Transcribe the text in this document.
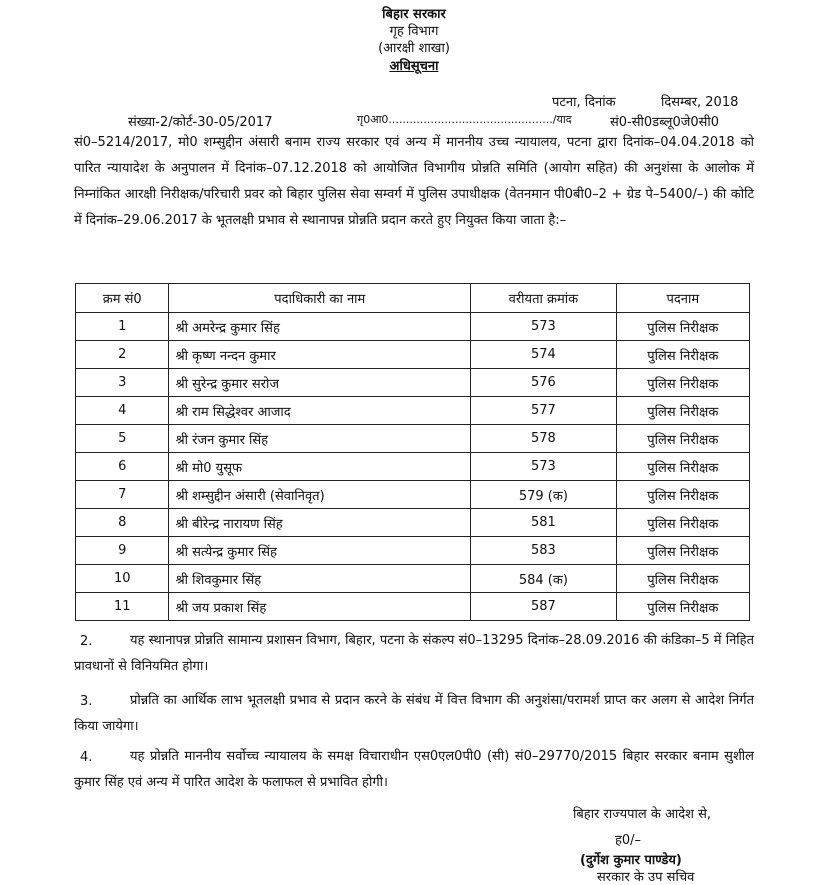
बिहार सरकार
गृह विभाग
(आरक्षी शाखा)
अधिसूचना
पटना, दिनांक	दिसम्बर, 2018
संख्या-2/कोर्ट-30-05/2017	गृ0आ0.............................................../याद	सं0-सी0डब्लू0जे0सी0
सं0–5214/2017, मो0 शम्सुद्दीन अंसारी बनाम राज्य सरकार एवं अन्य में माननीय उच्च न्यायालय, पटना द्वारा दिनांक–04.04.2018 को पारित न्यायादेश के अनुपालन में दिनांक–07.12.2018 को आयोजित विभागीय प्रोन्नति समिति (आयोग सहित) की अनुशंसा के आलोक में निम्नांकित आरक्षी निरीक्षक/परिचारी प्रवर को बिहार पुलिस सेवा सम्वर्ग में पुलिस उपाधीक्षक (वेतनमान पी0बी0–2 + ग्रेड पे–5400/–) की कोटि में दिनांक–29.06.2017 के भूतलक्षी प्रभाव से स्थानापन्न प्रोन्नति प्रदान करते हुए नियुक्त किया जाता है:–
क्रम सं0	पदाधिकारी का नाम	वरीयता क्रमांक	पदनाम
1	श्री अमरेन्द्र कुमार सिंह	573	पुलिस निरीक्षक
2	श्री कृष्ण नन्दन कुमार	574	पुलिस निरीक्षक
3	श्री सुरेन्द्र कुमार सरोज	576	पुलिस निरीक्षक
4	श्री राम सिद्धेश्वर आजाद	577	पुलिस निरीक्षक
5	श्री रंजन कुमार सिंह	578	पुलिस निरीक्षक
6	श्री मो0 युसूफ	573	पुलिस निरीक्षक
7	श्री शम्सुद्दीन अंसारी (सेवानिवृत)	579 (क)	पुलिस निरीक्षक
8	श्री बीरेन्द्र नारायण सिंह	581	पुलिस निरीक्षक
9	श्री सत्येन्द्र कुमार सिंह	583	पुलिस निरीक्षक
10	श्री शिवकुमार सिंह	584 (क)	पुलिस निरीक्षक
11	श्री जय प्रकाश सिंह	587	पुलिस निरीक्षक
2.	यह स्थानापन्न प्रोन्नति सामान्य प्रशासन विभाग, बिहार, पटना के संकल्प सं0–13295 दिनांक–28.09.2016 की कंडिका–5 में निहित प्रावधानों से विनियमित होगा।
3.	प्रोन्नति का आर्थिक लाभ भूतलक्षी प्रभाव से प्रदान करने के संबंध में वित्त विभाग की अनुशंसा/परामर्श प्राप्त कर अलग से आदेश निर्गत किया जायेगा।
4.	यह प्रोन्नति माननीय सर्वोच्च न्यायालय के समक्ष विचाराधीन एस0एल0पी0 (सी) सं0–29770/2015 बिहार सरकार बनाम सुशील कुमार सिंह एवं अन्य में पारित आदेश के फलाफल से प्रभावित होगी।
बिहार राज्यपाल के आदेश से,
ह0/–
(दुर्गेश कुमार पाण्डेय)
सरकार के उप सचिव
